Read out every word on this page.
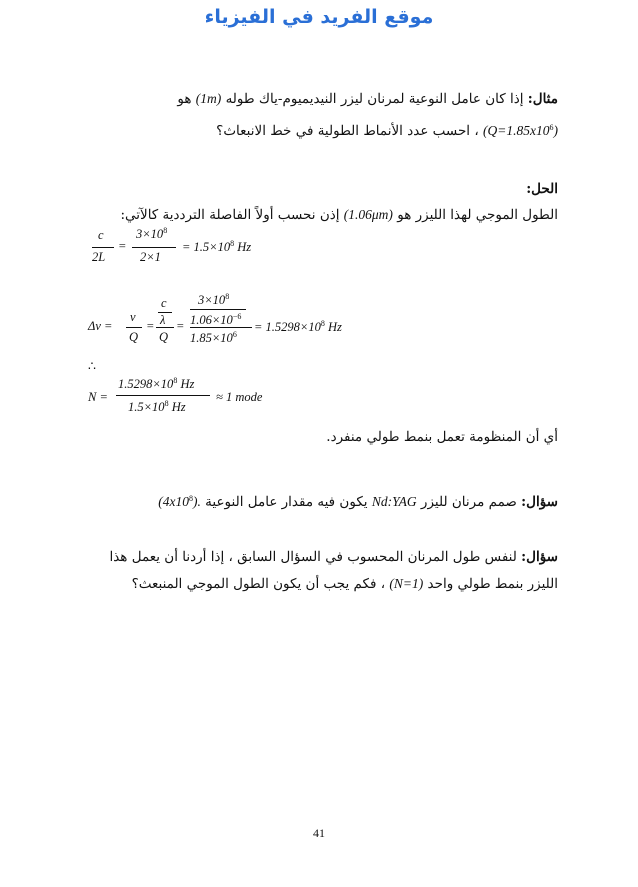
موقع الفريد في الفيزياء
مثال: إذا كان عامل النوعية لمرنان ليزر النيديميوم-ياك طوله (1m) هو
$(Q=1.85x10^6)$ ، احسب عدد الأنماط الطولية في خط الانبعاث؟
الحل:
الطول الموجي لهذا الليزر هو (1.06μm) إذن نحسب أولاً الفاصلة الترددية كالآتي:
c
2L
=
$3\times 10^8$
2×1
= $1.5\times 10^8$ Hz
Δν =
ν
Q
=
c
λ
Q
=
$3\times 10^8$
$1.06\times 10^{-6}$
$1.85\times 10^6$
= $1.5298\times 10^8$ Hz
∴
N =
$1.5298\times 10^8$ Hz
$1.5\times 10^8$ Hz
≈ 1 mode
أي أن المنظومة تعمل بنمط طولي منفرد.
سؤال: صمم مرنان لليزر Nd:YAG يكون فيه مقدار عامل النوعية $(4x10^8)$.
سؤال: لنفس طول المرنان المحسوب في السؤال السابق ، إذا أردنا أن يعمل هذا
الليزر بنمط طولي واحد (N=1) ، فكم يجب أن يكون الطول الموجي المنبعث؟
41
